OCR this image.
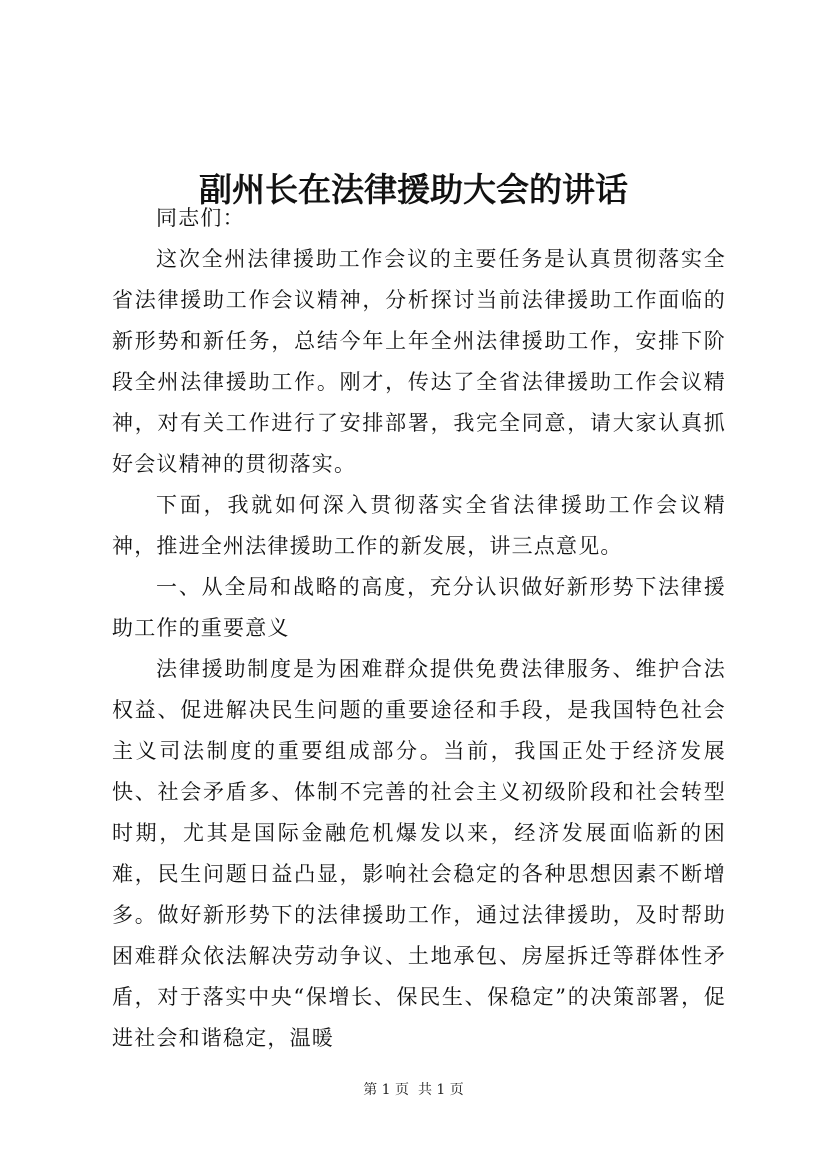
副州长在法律援助大会的讲话

同志们：

这次全州法律援助工作会议的主要任务是认真贯彻落实全省法律援助工作会议精神，分析探讨当前法律援助工作面临的新形势和新任务，总结今年上年全州法律援助工作，安排下阶段全州法律援助工作。刚才，传达了全省法律援助工作会议精神，对有关工作进行了安排部署，我完全同意，请大家认真抓好会议精神的贯彻落实。

下面，我就如何深入贯彻落实全省法律援助工作会议精神，推进全州法律援助工作的新发展，讲三点意见。

一、从全局和战略的高度，充分认识做好新形势下法律援助工作的重要意义

法律援助制度是为困难群众提供免费法律服务、维护合法权益、促进解决民生问题的重要途径和手段，是我国特色社会主义司法制度的重要组成部分。当前，我国正处于经济发展快、社会矛盾多、体制不完善的社会主义初级阶段和社会转型时期，尤其是国际金融危机爆发以来，经济发展面临新的困难，民生问题日益凸显，影响社会稳定的各种思想因素不断增多。做好新形势下的法律援助工作，通过法律援助，及时帮助困难群众依法解决劳动争议、土地承包、房屋拆迁等群体性矛盾，对于落实中央“保增长、保民生、保稳定”的决策部署，促进社会和谐稳定，温暖

第 1 页  共 1 页
